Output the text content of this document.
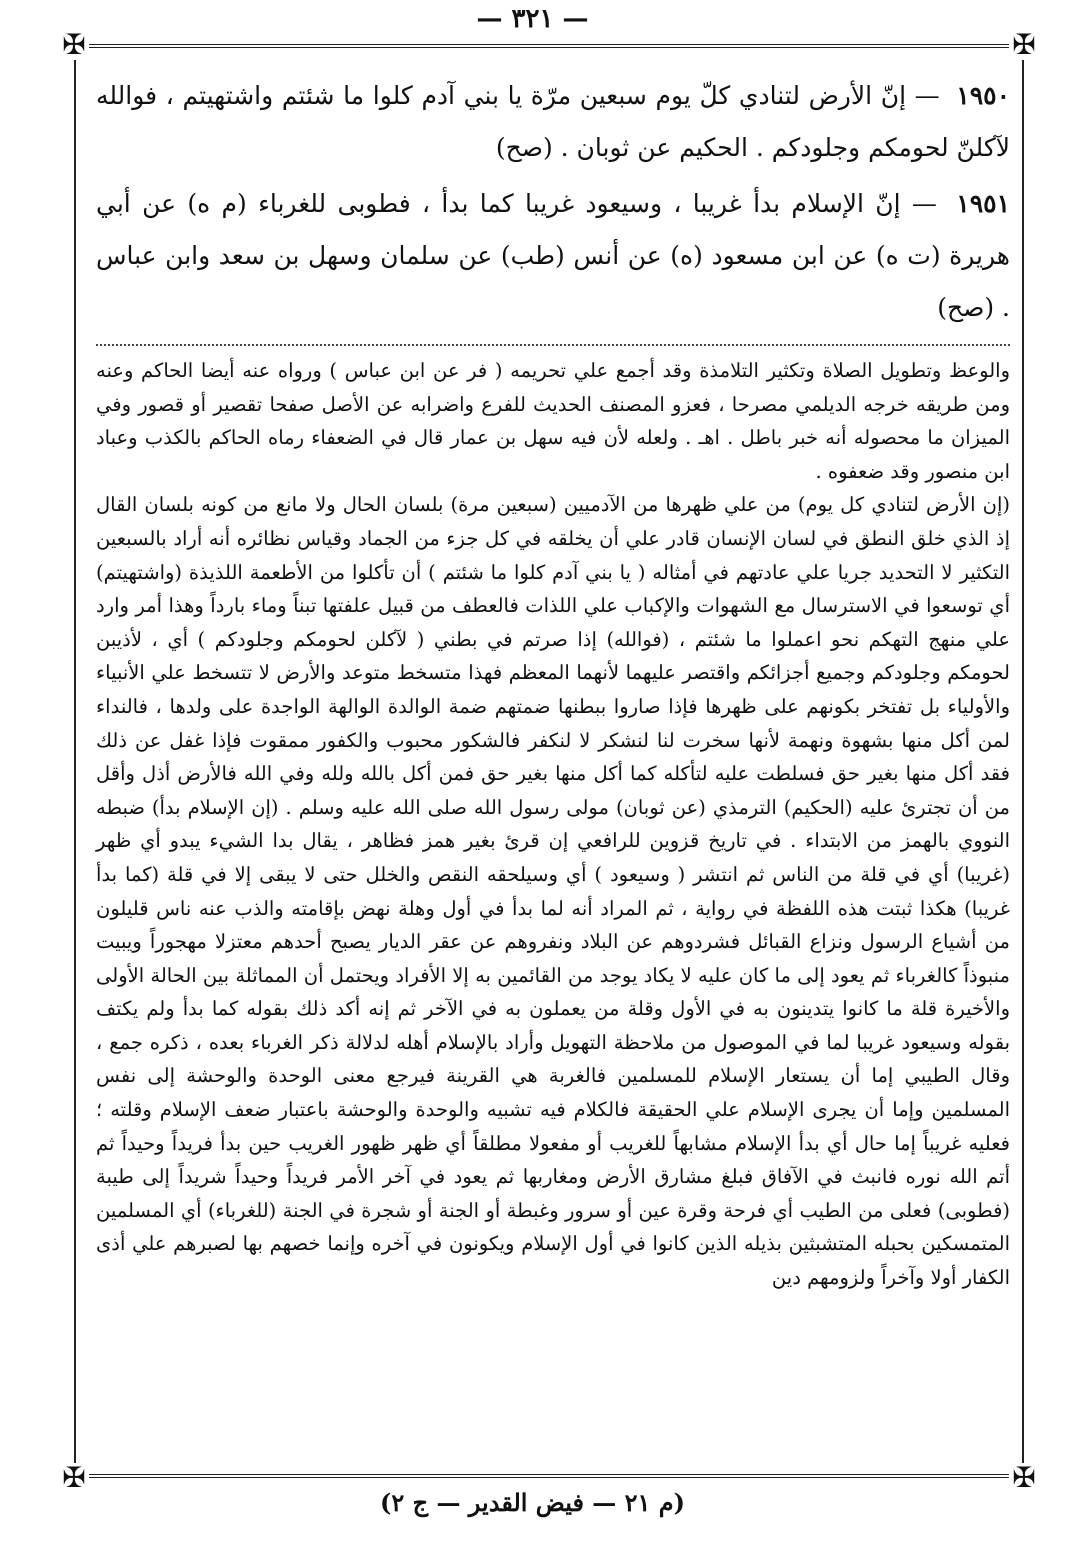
— ٣٢١ —
✠	✠
✠	✠

١٩٥٠ — إنّ الأرض لتنادي كلّ يوم سبعين مرّة يا بني آدم كلوا ما شئتم واشتهيتم ، فوالله لآكلنّ لحومكم وجلودكم . الحكيم عن ثوبان . (صح)

١٩٥١ — إنّ الإسلام بدأ غريبا ، وسيعود غريبا كما بدأ ، فطوبى للغرباء (م ه) عن أبي هريرة (ت ه) عن ابن مسعود (ه) عن أنس (طب) عن سلمان وسهل بن سعد وابن عباس . (صح)

والوعظ وتطويل الصلاة وتكثير التلامذة وقد أجمع علي تحريمه ( فر عن ابن عباس ) ورواه عنه أيضا الحاكم وعنه ومن طريقه خرجه الديلمي مصرحا ، فعزو المصنف الحديث للفرع واضرابه عن الأصل صفحا تقصير أو قصور وفي الميزان ما محصوله أنه خبر باطل . اهـ . ولعله لأن فيه سهل بن عمار قال في الضعفاء رماه الحاكم بالكذب وعباد ابن منصور وقد ضعفوه .

(إن الأرض لتنادي كل يوم) من علي ظهرها من الآدميين (سبعين مرة) بلسان الحال ولا مانع من كونه بلسان القال إذ الذي خلق النطق في لسان الإنسان قادر علي أن يخلقه في كل جزء من الجماد وقياس نظائره أنه أراد بالسبعين التكثير لا التحديد جريا علي عادتهم في أمثاله ( يا بني آدم كلوا ما شئتم ) أن تأكلوا من الأطعمة اللذيذة (واشتهيتم) أي توسعوا في الاسترسال مع الشهوات والإكباب علي اللذات فالعطف من قبيل علفتها تبناً وماء بارداً وهذا أمر وارد علي منهج التهكم نحو اعملوا ما شئتم ، (فوالله) إذا صرتم في بطني ( لآكلن لحومكم وجلودكم ) أي ، لأذيبن لحومكم وجلودكم وجميع أجزائكم واقتصر عليهما لأنهما المعظم فهذا متسخط متوعد والأرض لا تتسخط علي الأنبياء والأولياء بل تفتخر بكونهم على ظهرها فإذا صاروا ببطنها ضمتهم ضمة الوالدة الوالهة الواجدة على ولدها ، فالنداء لمن أكل منها بشهوة ونهمة لأنها سخرت لنا لنشكر لا لنكفر فالشكور محبوب والكفور ممقوت فإذا غفل عن ذلك فقد أكل منها بغير حق فسلطت عليه لتأكله كما أكل منها بغير حق فمن أكل بالله ولله وفي الله فالأرض أذل وأقل من أن تجترئ عليه (الحكيم) الترمذي (عن ثوبان) مولى رسول الله صلى الله عليه وسلم . (إن الإسلام بدأ) ضبطه النووي بالهمز من الابتداء . في تاريخ قزوين للرافعي إن قرئ بغير همز فظاهر ، يقال بدا الشيء يبدو أي ظهر (غريبا) أي في قلة من الناس ثم انتشر ( وسيعود ) أي وسيلحقه النقص والخلل حتى لا يبقى إلا في قلة (كما بدأ غريبا) هكذا ثبتت هذه اللفظة في رواية ، ثم المراد أنه لما بدأ في أول وهلة نهض بإقامته والذب عنه ناس قليلون من أشياع الرسول ونزاع القبائل فشردوهم عن البلاد ونفروهم عن عقر الديار يصبح أحدهم معتزلا مهجوراً ويبيت منبوذاً كالغرباء ثم يعود إلى ما كان عليه لا يكاد يوجد من القائمين به إلا الأفراد ويحتمل أن المماثلة بين الحالة الأولى والأخيرة قلة ما كانوا يتدينون به في الأول وقلة من يعملون به في الآخر ثم إنه أكد ذلك بقوله كما بدأ ولم يكتف بقوله وسيعود غريبا لما في الموصول من ملاحظة التهويل وأراد بالإسلام أهله لدلالة ذكر الغرباء بعده ، ذكره جمع ، وقال الطيبي إما أن يستعار الإسلام للمسلمين فالغربة هي القرينة فيرجع معنى الوحدة والوحشة إلى نفس المسلمين وإما أن يجرى الإسلام علي الحقيقة فالكلام فيه تشبيه والوحدة والوحشة باعتبار ضعف الإسلام وقلته ؛ فعليه غريباً إما حال أي بدأ الإسلام مشابهاً للغريب أو مفعولا مطلقاً أي ظهر ظهور الغريب حين بدأ فريداً وحيداً ثم أتم الله نوره فانبث في الآفاق فبلغ مشارق الأرض ومغاربها ثم يعود في آخر الأمر فريداً وحيداً شريداً إلى طيبة (فطوبى) فعلى من الطيب أي فرحة وقرة عين أو سرور وغبطة أو الجنة أو شجرة في الجنة (للغرباء) أي المسلمين المتمسكين بحبله المتشبثين بذيله الذين كانوا في أول الإسلام ويكونون في آخره وإنما خصهم بها لصبرهم علي أذى الكفار أولا وآخراً ولزومهم دين

(م ٢١ — فيض القدير — ج ٢)
